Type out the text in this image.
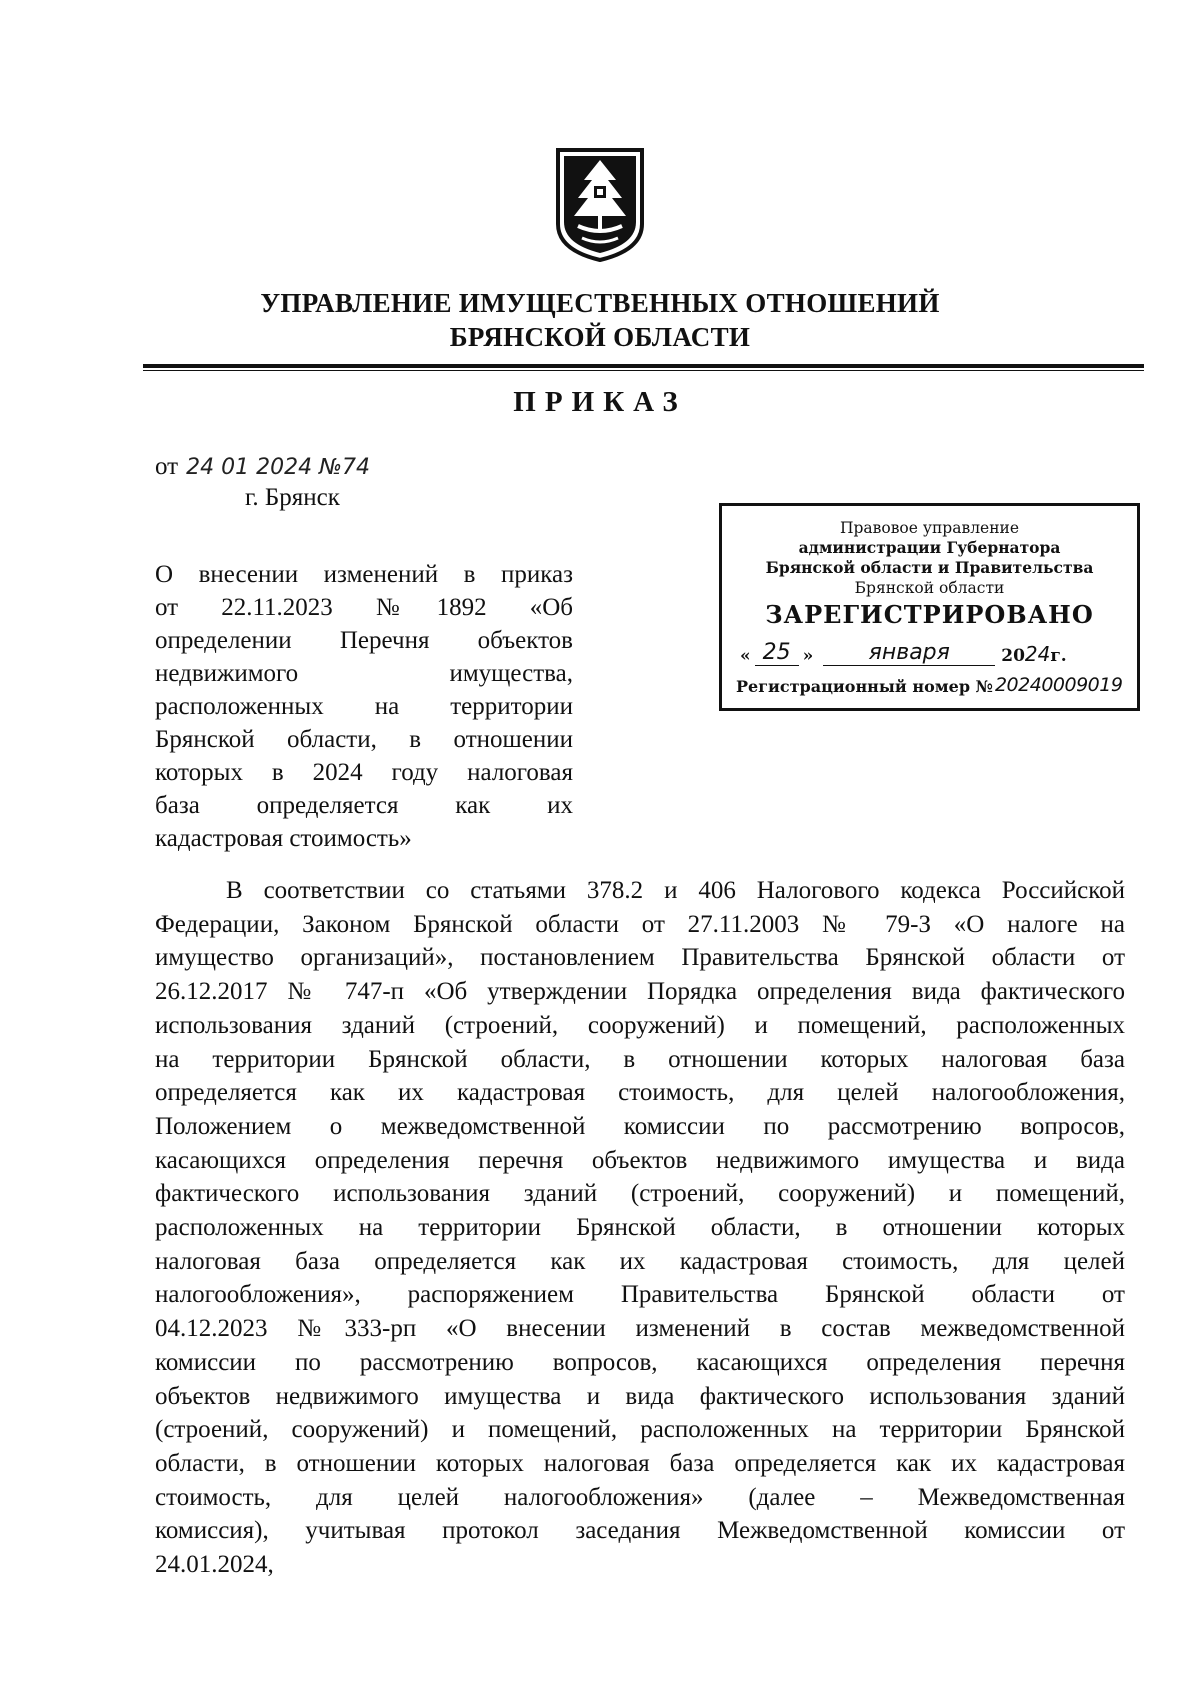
УПРАВЛЕНИЕ ИМУЩЕСТВЕННЫХ ОТНОШЕНИЙ
БРЯНСКОЙ ОБЛАСТИ
ПРИКАЗ
от 24 01 2024 №74
г. Брянск
О внесении изменений в приказ
от 22.11.2023 №1892 «Об
определении Перечня объектов
недвижимого имущества,
расположенных на территории
Брянской области, в отношении
которых в 2024 году налоговая
база определяется как их
кадастровая стоимость»
Правовое управление
администрации Губернатора
Брянской области и Правительства
Брянской области
ЗАРЕГИСТРИРОВАНО
« 25 »	января	20 24 г.
Регистрационный номер № 20240009019
В соответствии со статьями 378.2 и 406 Налогового кодекса Российской
Федерации, Законом Брянской области от 27.11.2003 № 79-З «О налоге на
имущество организаций», постановлением Правительства Брянской области от
26.12.2017 № 747-п «Об утверждении Порядка определения вида фактического
использования зданий (строений, сооружений) и помещений, расположенных
на территории Брянской области, в отношении которых налоговая база
определяется как их кадастровая стоимость, для целей налогообложения,
Положением о межведомственной комиссии по рассмотрению вопросов,
касающихся определения перечня объектов недвижимого имущества и вида
фактического использования зданий (строений, сооружений) и помещений,
расположенных на территории Брянской области, в отношении которых
налоговая база определяется как их кадастровая стоимость, для целей
налогообложения», распоряжением Правительства Брянской области от
04.12.2023 №333-рп «О внесении изменений в состав межведомственной
комиссии по рассмотрению вопросов, касающихся определения перечня
объектов недвижимого имущества и вида фактического использования зданий
(строений, сооружений) и помещений, расположенных на территории Брянской
области, в отношении которых налоговая база определяется как их кадастровая
стоимость, для целей налогообложения» (далее – Межведомственная
комиссия), учитывая протокол заседания Межведомственной комиссии от
24.01.2024,
